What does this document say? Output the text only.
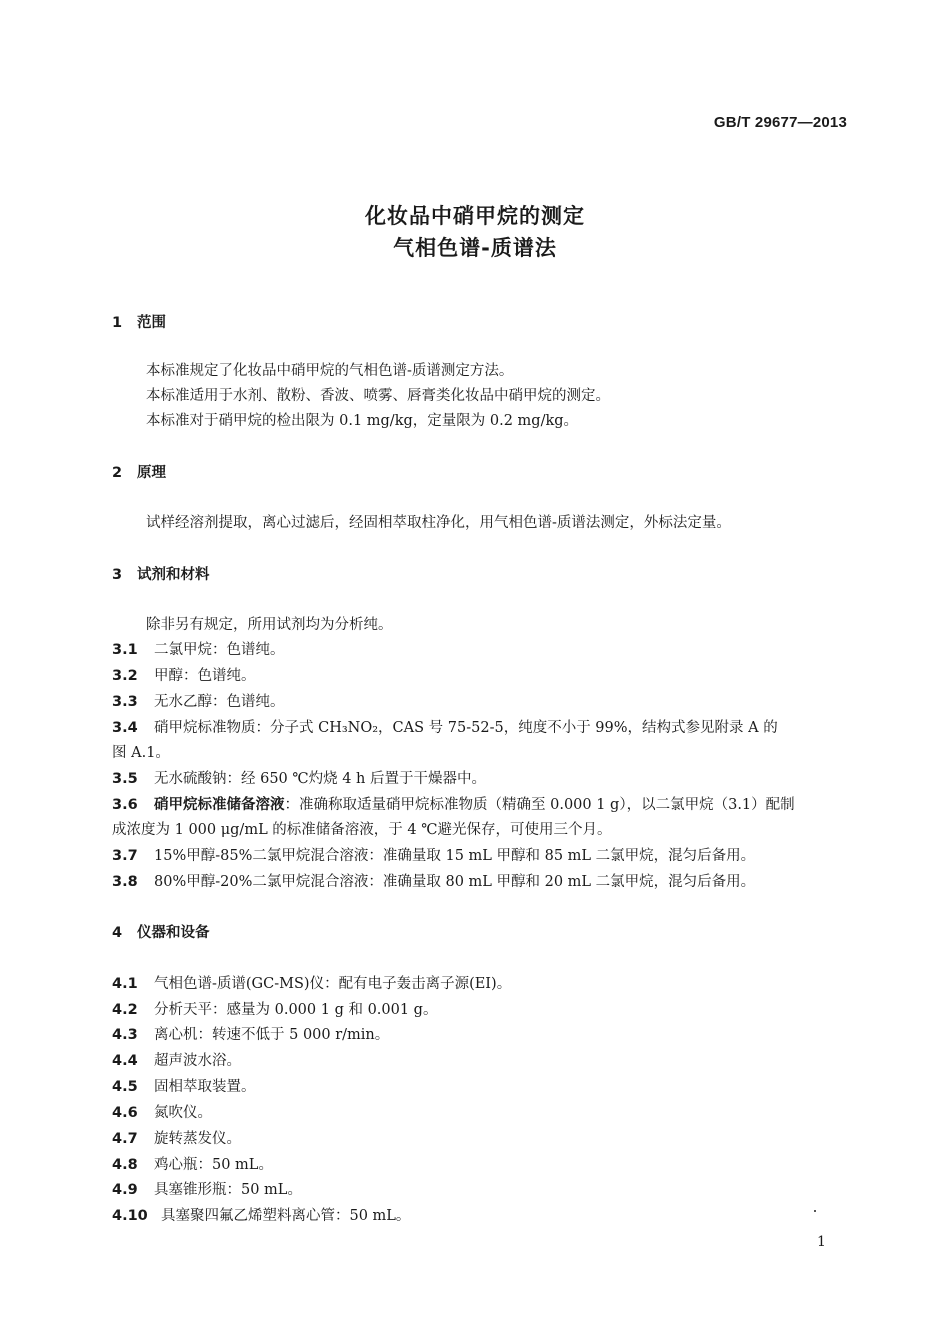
GB/T 29677—2013
化妆品中硝甲烷的测定
气相色谱-质谱法
1 范围
本标准规定了化妆品中硝甲烷的气相色谱-质谱测定方法。
本标准适用于水剂、散粉、香波、喷雾、唇膏类化妆品中硝甲烷的测定。
本标准对于硝甲烷的检出限为 0.1 mg/kg，定量限为 0.2 mg/kg。
2 原理
试样经溶剂提取，离心过滤后，经固相萃取柱净化，用气相色谱-质谱法测定，外标法定量。
3 试剂和材料
除非另有规定，所用试剂均为分析纯。
3.1 二氯甲烷：色谱纯。
3.2 甲醇：色谱纯。
3.3 无水乙醇：色谱纯。
3.4 硝甲烷标准物质：分子式 CH₃NO₂，CAS 号 75-52-5，纯度不小于 99%，结构式参见附录 A 的
图 A.1。
3.5 无水硫酸钠：经 650 ℃灼烧 4 h 后置于干燥器中。
3.6 硝甲烷标准储备溶液：准确称取适量硝甲烷标准物质（精确至 0.000 1 g），以二氯甲烷（3.1）配制
成浓度为 1 000 μg/mL 的标准储备溶液，于 4 ℃避光保存，可使用三个月。
3.7 15%甲醇-85%二氯甲烷混合溶液：准确量取 15 mL 甲醇和 85 mL 二氯甲烷，混匀后备用。
3.8 80%甲醇-20%二氯甲烷混合溶液：准确量取 80 mL 甲醇和 20 mL 二氯甲烷，混匀后备用。
4 仪器和设备
4.1 气相色谱-质谱(GC-MS)仪：配有电子轰击离子源(EI)。
4.2 分析天平：感量为 0.000 1 g 和 0.001 g。
4.3 离心机：转速不低于 5 000 r/min。
4.4 超声波水浴。
4.5 固相萃取装置。
4.6 氮吹仪。
4.7 旋转蒸发仪。
4.8 鸡心瓶：50 mL。
4.9 具塞锥形瓶：50 mL。
4.10 具塞聚四氟乙烯塑料离心管：50 mL。
1
